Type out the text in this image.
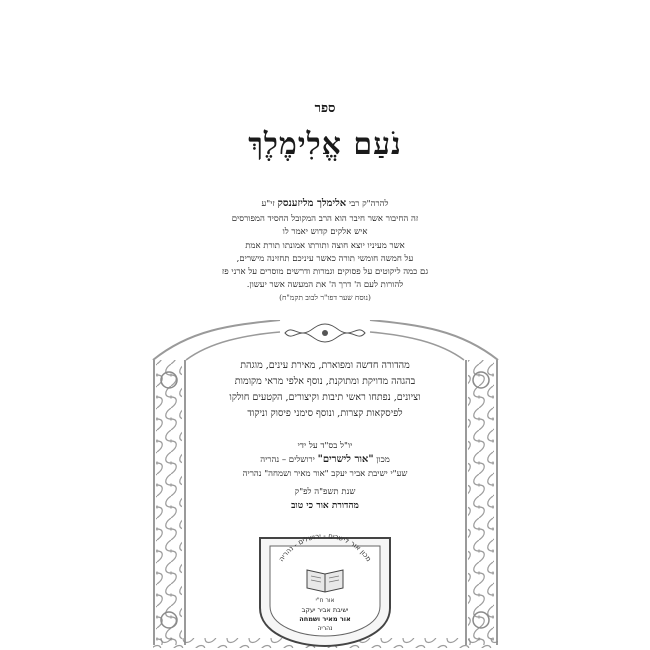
ספר
נֹעַם אֱלִימֶלֶךְ
להרה"ק רבי אלימלך מליזענסק זי"ע
זה החיבור אשר חיבר הוא הרב המקובל החסיד המפורסים
איש אלקים קדוש יאמר לו
אשר מעיניו יוצא חוצה ותורתו אמונתו תורת אמת
על חמשה חומשי תורה כאשר עיניכם תחזינה מישרים,
גם כמה ליקוטים על פסוקים וגמרות ודרשים מוסרים על ארני פז
להורות לעם ה' דרך ה' את המעשה אשר יעשון.
(נוסח שער דפו"ר לבוב תקמ"ח)
מהדורה חדשה ומפוארת, מאירת עינים, מוגהת
בהגהה מדויקת ומתוקנת, נוסף אלפי מראי מקומות
וציונים, נפתחו ראשי תיבות וקיצורים, הקטעים חולקו
לפיסקאות קצרות, ונוסף סימני פיסוק וניקוד
יו"ל בס"ד על ידי
מכון "אור לישרים" ירושלים – נהריה
שע"י ישיבת אביר יעקב "אור מאיר ושמחה" נהריה
שנת תשפ"ה לפ"ק
מהדורת אור כי טוב
מכון אור לישרים - ירושלים - נהריה
אור ח"י
ישיבת אביר יעקב
אור מאיר ושמחה
נהריה
